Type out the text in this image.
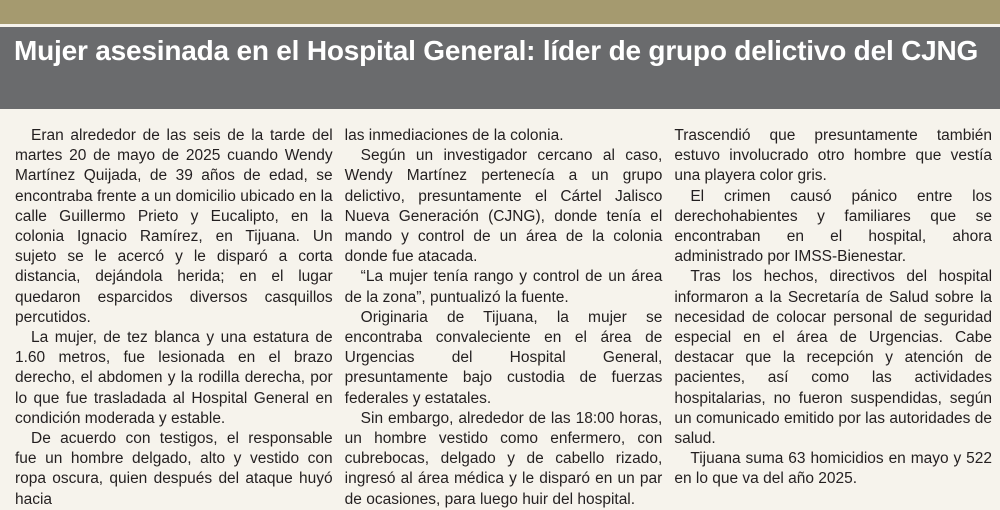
Mujer asesinada en el Hospital General: líder de grupo delictivo del CJNG

Eran alrededor de las seis de la tarde del martes 20 de mayo de 2025 cuando Wendy Martínez Quijada, de 39 años de edad, se encontraba frente a un domicilio ubicado en la calle Guillermo Prieto y Eucalipto, en la colonia Ignacio Ramírez, en Tijuana. Un sujeto se le acercó y le disparó a corta distancia, dejándola herida; en el lugar quedaron esparcidos diversos casquillos percutidos.

La mujer, de tez blanca y una estatura de 1.60 metros, fue lesionada en el brazo derecho, el abdomen y la rodilla derecha, por lo que fue trasladada al Hospital General en condición moderada y estable.

De acuerdo con testigos, el responsable fue un hombre delgado, alto y vestido con ropa oscura, quien después del ataque huyó hacia

las inmediaciones de la colonia.

Según un investigador cercano al caso, Wendy Martínez pertenecía a un grupo delictivo, presuntamente el Cártel Jalisco Nueva Generación (CJNG), donde tenía el mando y control de un área de la colonia donde fue atacada.

“La mujer tenía rango y control de un área de la zona”, puntualizó la fuente.

Originaria de Tijuana, la mujer se encontraba convaleciente en el área de Urgencias del Hospital General, presuntamente bajo custodia de fuerzas federales y estatales.

Sin embargo, alrededor de las 18:00 horas, un hombre vestido como enfermero, con cubrebocas, delgado y de cabello rizado, ingresó al área médica y le disparó en un par de ocasiones, para luego huir del hospital.

Trascendió que presuntamente también estuvo involucrado otro hombre que vestía una playera color gris.

El crimen causó pánico entre los derechohabientes y familiares que se encontraban en el hospital, ahora administrado por IMSS-Bienestar.

Tras los hechos, directivos del hospital informaron a la Secretaría de Salud sobre la necesidad de colocar personal de seguridad especial en el área de Urgencias. Cabe destacar que la recepción y atención de pacientes, así como las actividades hospitalarias, no fueron suspendidas, según un comunicado emitido por las autoridades de salud.

Tijuana suma 63 homicidios en mayo y 522 en lo que va del año 2025.
